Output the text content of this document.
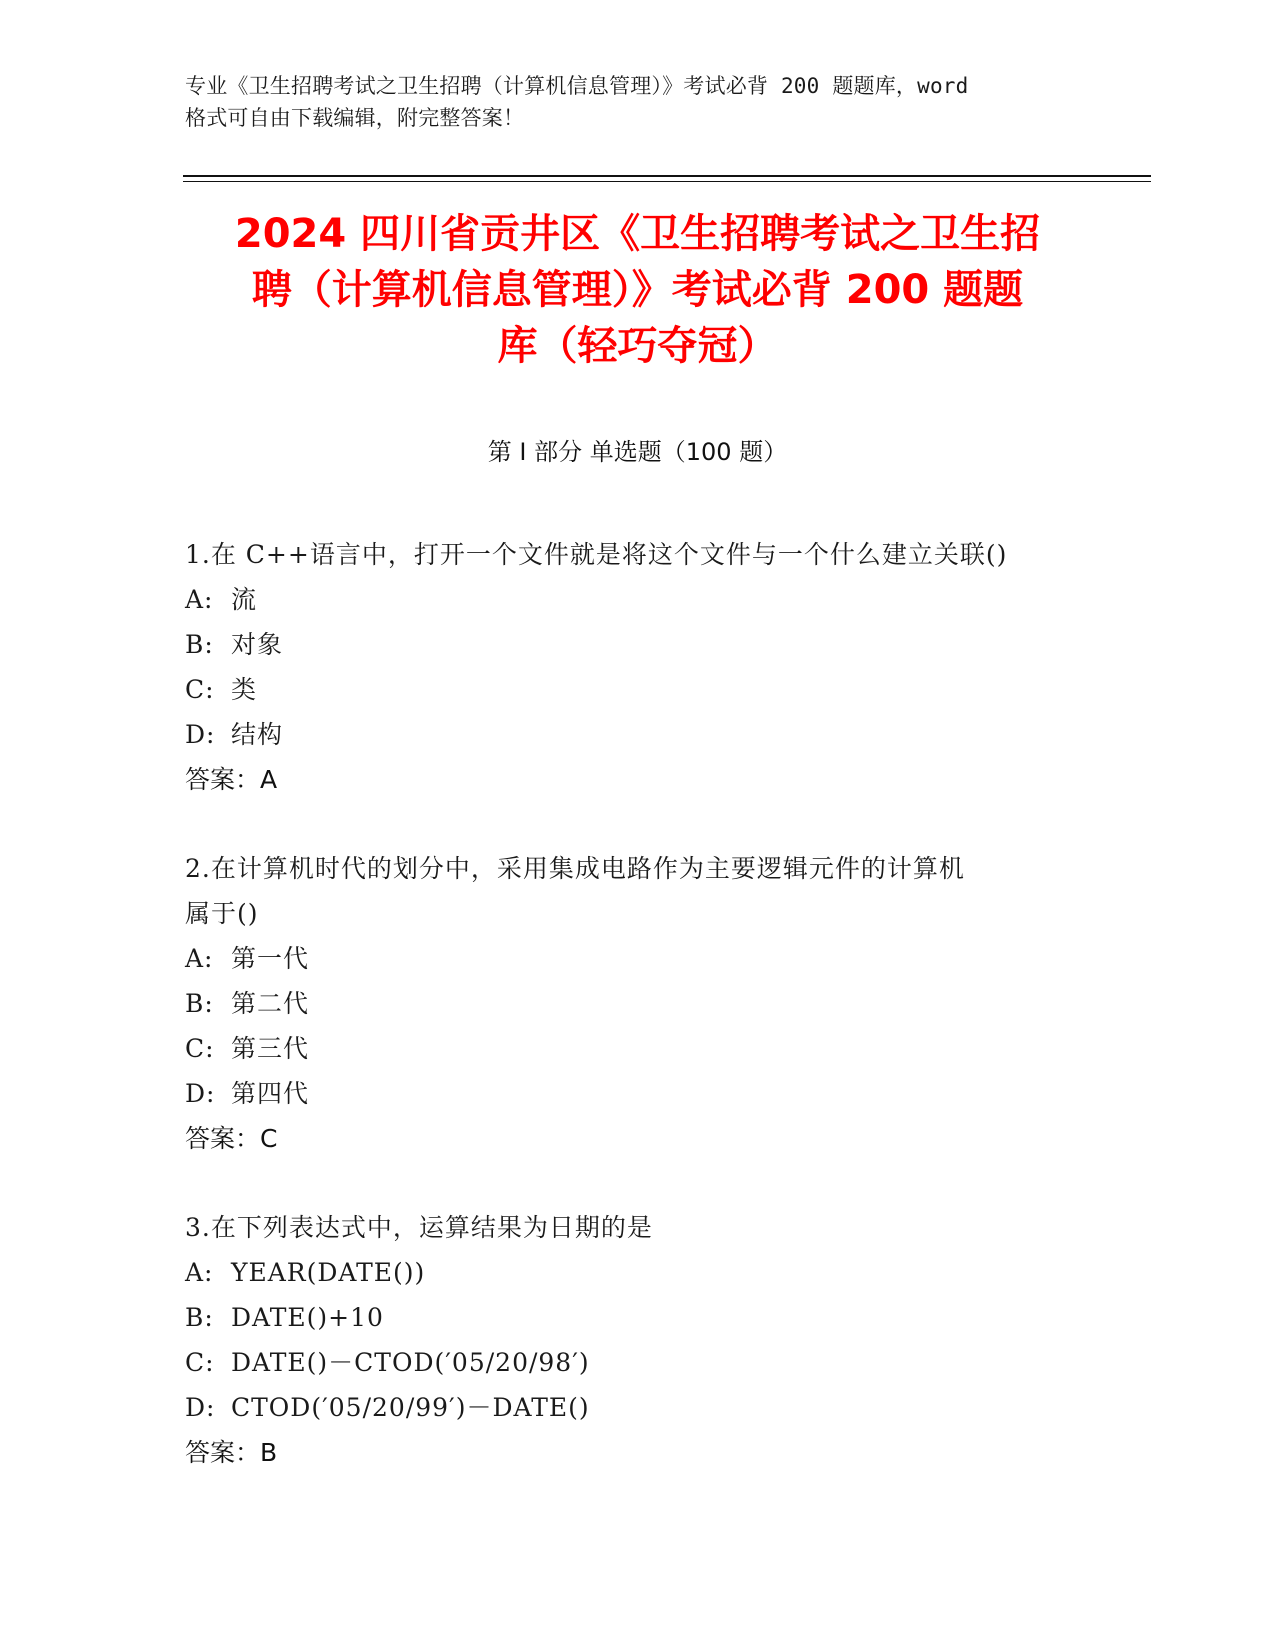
专业《卫生招聘考试之卫生招聘（计算机信息管理）》考试必背 200 题题库，word
格式可自由下载编辑，附完整答案！
2024 四川省贡井区《卫生招聘考试之卫生招
聘（计算机信息管理）》考试必背 200 题题
库（轻巧夺冠）
第 I 部分 单选题（100 题）
1.在 C++语言中，打开一个文件就是将这个文件与一个什么建立关联()
A: 流
B: 对象
C: 类
D: 结构
答案：A
2.在计算机时代的划分中，采用集成电路作为主要逻辑元件的计算机
属于()
A: 第一代
B: 第二代
C: 第三代
D: 第四代
答案：C
3.在下列表达式中，运算结果为日期的是
A: YEAR(DATE())
B: DATE()+10
C: DATE()－CTOD(′05/20/98′)
D: CTOD(′05/20/99′)－DATE()
答案：B
